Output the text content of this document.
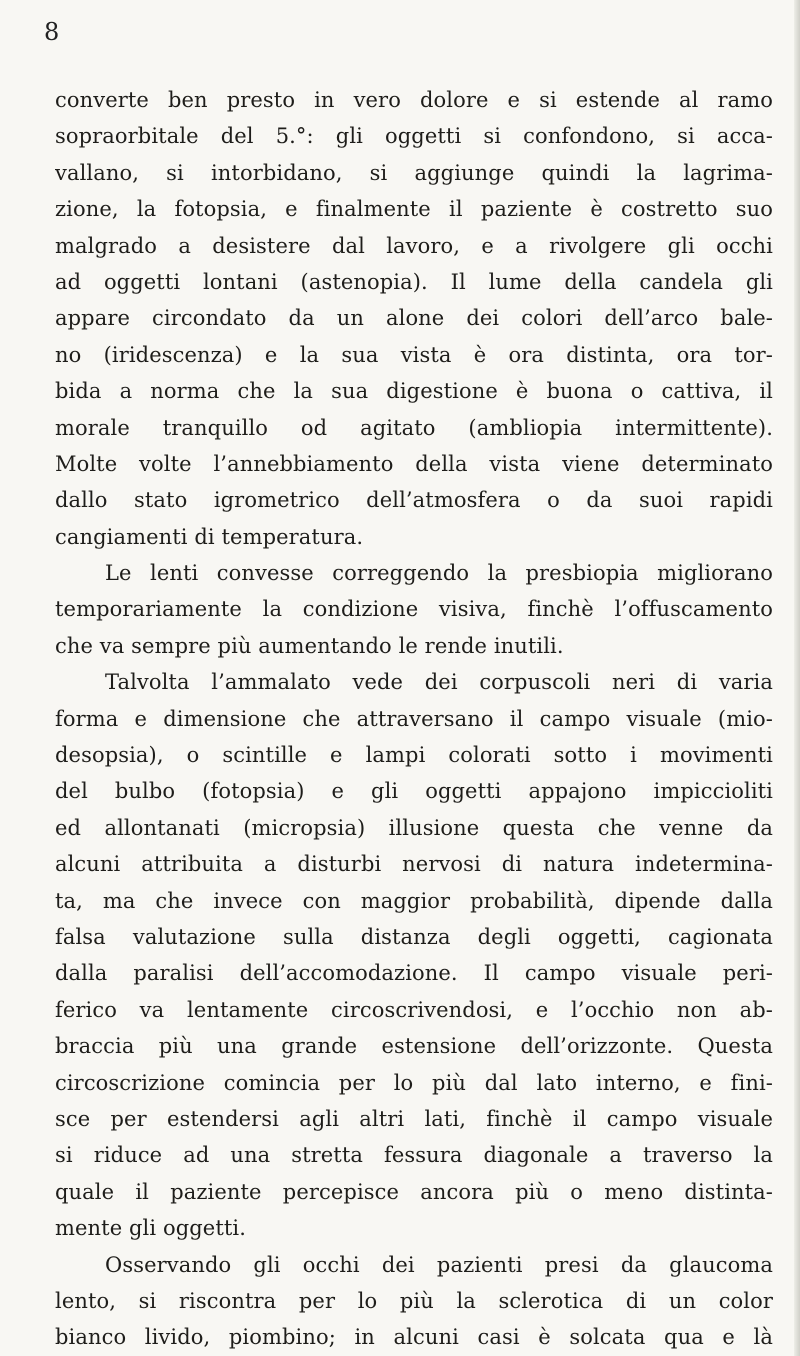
8
converte ben presto in vero dolore e si estende al ramo
sopraorbitale del 5.°: gli oggetti si confondono, si acca-
vallano, si intorbidano, si aggiunge quindi la lagrima-
zione, la fotopsia, e finalmente il paziente è costretto suo
malgrado a desistere dal lavoro, e a rivolgere gli occhi
ad oggetti lontani (astenopia). Il lume della candela gli
appare circondato da un alone dei colori dell’arco bale-
no (iridescenza) e la sua vista è ora distinta, ora tor-
bida a norma che la sua digestione è buona o cattiva, il
morale tranquillo od agitato (ambliopia intermittente).
Molte volte l’annebbiamento della vista viene determinato
dallo stato igrometrico dell’atmosfera o da suoi rapidi
cangiamenti di temperatura.
Le lenti convesse correggendo la presbiopia migliorano
temporariamente la condizione visiva, finchè l’offuscamento
che va sempre più aumentando le rende inutili.
Talvolta l’ammalato vede dei corpuscoli neri di varia
forma e dimensione che attraversano il campo visuale (mio-
desopsia), o scintille e lampi colorati sotto i movimenti
del bulbo (fotopsia) e gli oggetti appajono impiccioliti
ed allontanati (micropsia) illusione questa che venne da
alcuni attribuita a disturbi nervosi di natura indetermina-
ta, ma che invece con maggior probabilità, dipende dalla
falsa valutazione sulla distanza degli oggetti, cagionata
dalla paralisi dell’accomodazione. Il campo visuale peri-
ferico va lentamente circoscrivendosi, e l’occhio non ab-
braccia più una grande estensione dell’orizzonte. Questa
circoscrizione comincia per lo più dal lato interno, e fini-
sce per estendersi agli altri lati, finchè il campo visuale
si riduce ad una stretta fessura diagonale a traverso la
quale il paziente percepisce ancora più o meno distinta-
mente gli oggetti.
Osservando gli occhi dei pazienti presi da glaucoma
lento, si riscontra per lo più la sclerotica di un color
bianco livido, piombino; in alcuni casi è solcata qua e là
